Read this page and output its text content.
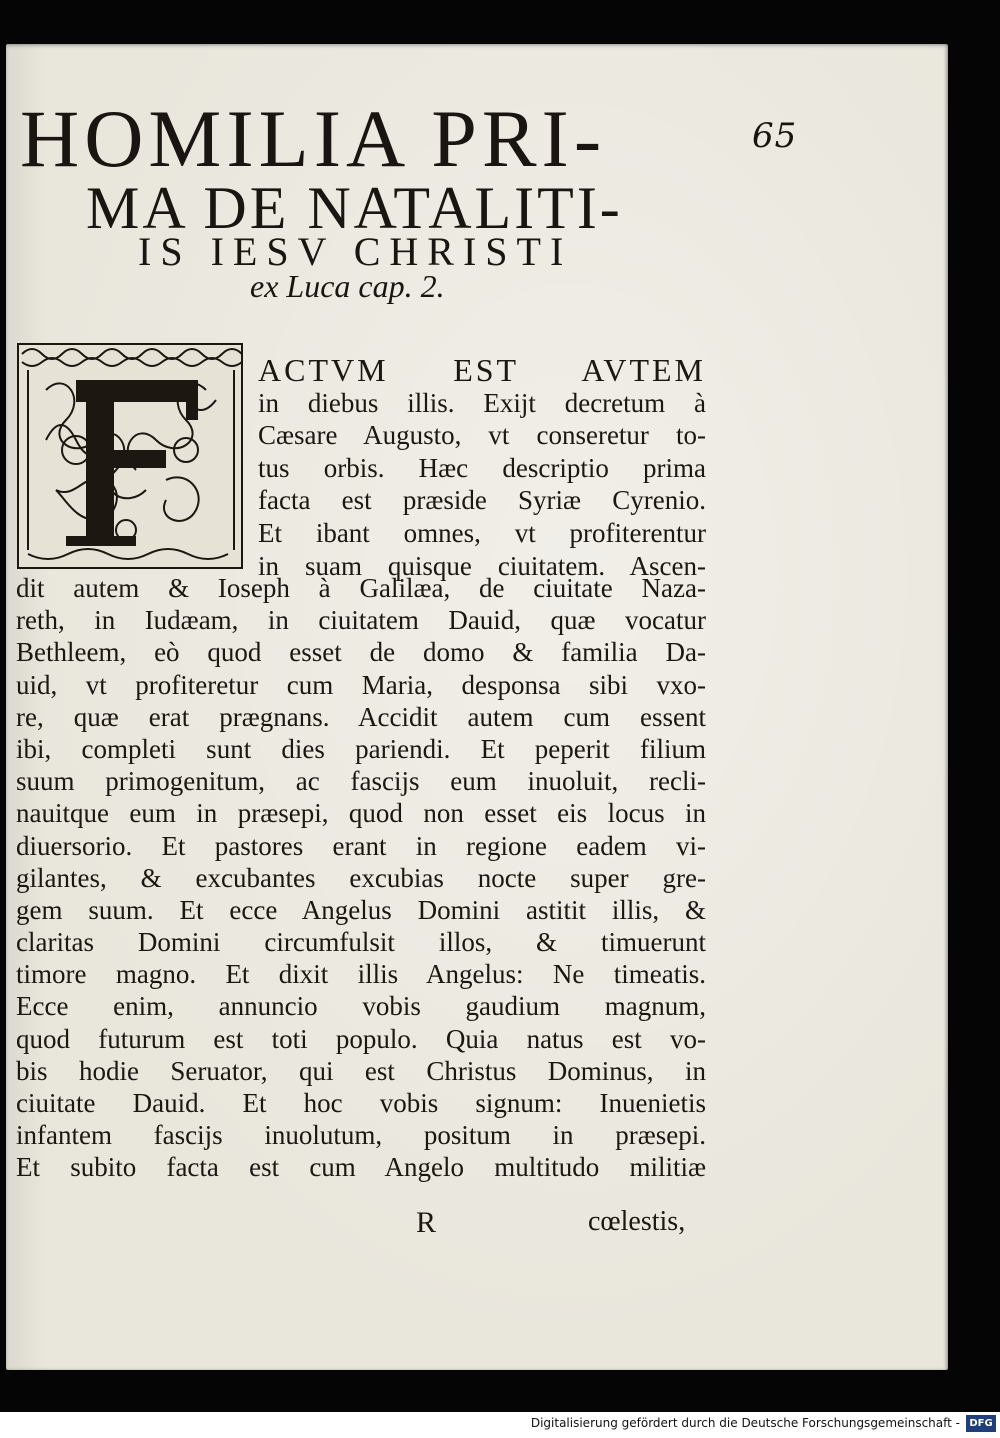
65
HOMILIA PRI-
MA DE NATALITI-
IS IESV CHRISTI
ex Luca cap. 2.
ACTVM EST AVTEM
in diebus illis. Exijt decretum à
Cæsare Augusto, vt conseretur to-
tus orbis. Hæc descriptio prima
facta est præside Syriæ Cyrenio.
Et ibant omnes, vt profiterentur
in suam quisque ciuitatem. Ascen-
dit autem & Ioseph à Galilæa, de ciuitate Naza-
reth, in Iudæam, in ciuitatem Dauid, quæ vocatur
Bethleem, eò quod esset de domo & familia Da-
uid, vt profiteretur cum Maria, desponsa sibi vxo-
re, quæ erat prægnans. Accidit autem cum essent
ibi, completi sunt dies pariendi. Et peperit filium
suum primogenitum, ac fascijs eum inuoluit, recli-
nauitque eum in præsepi, quod non esset eis locus in
diuersorio. Et pastores erant in regione eadem vi-
gilantes, & excubantes excubias nocte super gre-
gem suum. Et ecce Angelus Domini astitit illis, &
claritas Domini circumfulsit illos, & timuerunt
timore magno. Et dixit illis Angelus: Ne timeatis.
Ecce enim, annuncio vobis gaudium magnum,
quod futurum est toti populo. Quia natus est vo-
bis hodie Seruator, qui est Christus Dominus, in
ciuitate Dauid. Et hoc vobis signum: Inuenietis
infantem fascijs inuolutum, positum in præsepi.
Et subito facta est cum Angelo multitudo militiæ
R	cœlestis,
Digitalisierung gefördert durch die Deutsche Forschungsgemeinschaft - DFG
